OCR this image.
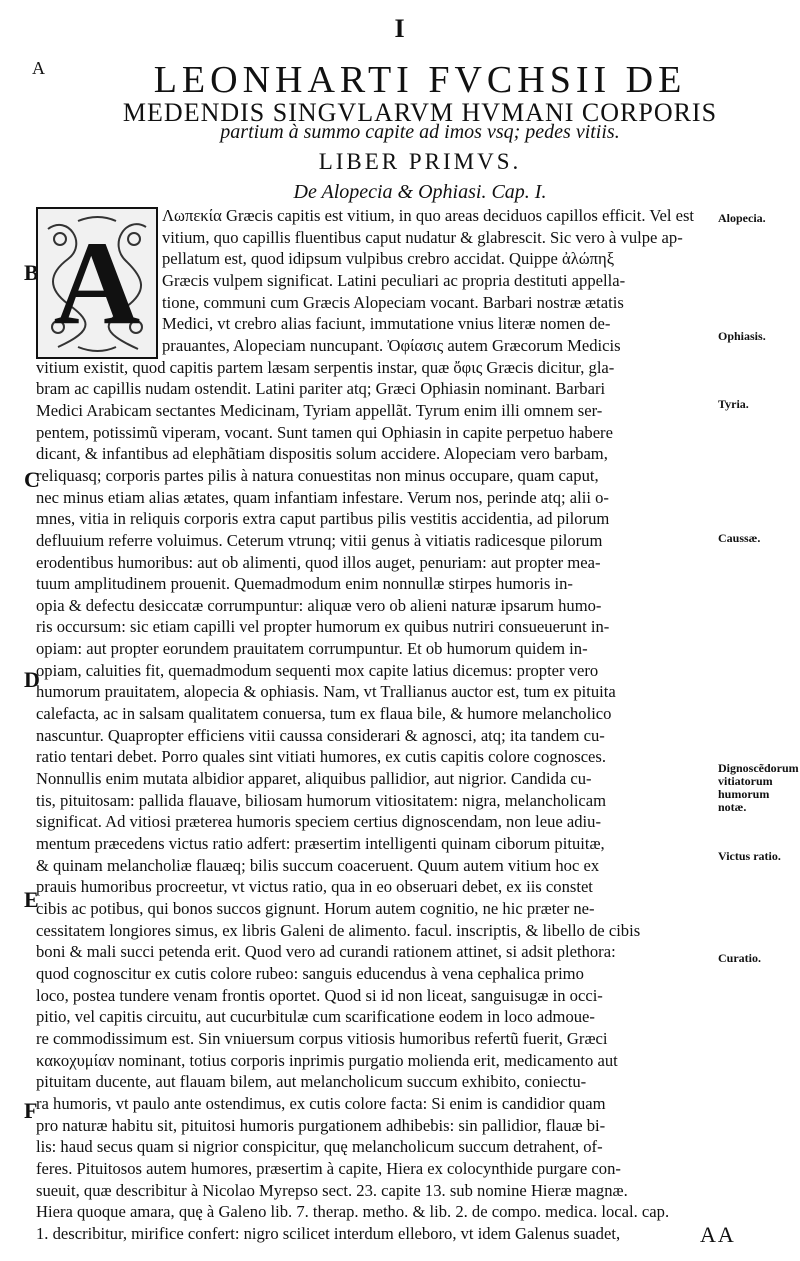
I
A	LEONHARTI FVCHSII DE
MEDENDIS SINGVLARVM HVMANI CORPORIS
partium à summo capite ad imos vsq; pedes vitiis.
LIBER PRIMVS.
De Alopecia & Ophiasi. Cap. I.
A
Λωπεκία Græcis capitis est vitium, in quo areas deciduos capillos efficit. Vel est
vitium, quo capillis fluentibus caput nudatur & glabrescit. Sic vero à vulpe ap-
pellatum est, quod idipsum vulpibus crebro accidat. Quippe ἀλώπηξ
Græcis vulpem significat. Latini peculiari ac propria destituti appella-
tione, communi cum Græcis Alopeciam vocant. Barbari nostræ ætatis
Medici, vt crebro alias faciunt, immutatione vnius literæ nomen de-
prauantes, Alopeciam nuncupant. Ὀφίασις autem Græcorum Medicis
vitium existit, quod capitis partem læsam serpentis instar, quæ ὄφις Græcis dicitur, gla-
bram ac capillis nudam ostendit. Latini pariter atq; Græci Ophiasin nominant. Barbari
Medici Arabicam sectantes Medicinam, Tyriam appellãt. Tyrum enim illi omnem ser-
pentem, potissimũ viperam, vocant. Sunt tamen qui Ophiasin in capite perpetuo habere
dicant, & infantibus ad elephãtiam dispositis solum accidere. Alopeciam vero barbam,
reliquasq; corporis partes pilis à natura conuestitas non minus occupare, quam caput,
nec minus etiam alias ætates, quam infantiam infestare. Verum nos, perinde atq; alii o-
mnes, vitia in reliquis corporis extra caput partibus pilis vestitis accidentia, ad pilorum
defluuium referre voluimus. Ceterum vtrunq; vitii genus à vitiatis radicesque pilorum
erodentibus humoribus: aut ob alimenti, quod illos auget, penuriam: aut propter mea-
tuum amplitudinem prouenit. Quemadmodum enim nonnullæ stirpes humoris in-
opia & defectu desiccatæ corrumpuntur: aliquæ vero ob alieni naturæ ipsarum humo-
ris occursum: sic etiam capilli vel propter humorum ex quibus nutriri consueuerunt in-
opiam: aut propter eorundem prauitatem corrumpuntur. Et ob humorum quidem in-
opiam, caluities fit, quemadmodum sequenti mox capite latius dicemus: propter vero
humorum prauitatem, alopecia & ophiasis. Nam, vt Trallianus auctor est, tum ex pituita
calefacta, ac in salsam qualitatem conuersa, tum ex flaua bile, & humore melancholico
nascuntur. Quapropter efficiens vitii caussa considerari & agnosci, atq; ita tandem cu-
ratio tentari debet. Porro quales sint vitiati humores, ex cutis capitis colore cognosces.
Nonnullis enim mutata albidior apparet, aliquibus pallidior, aut nigrior. Candida cu-
tis, pituitosam: pallida flauave, biliosam humorum vitiositatem: nigra, melancholicam
significat. Ad vitiosi præterea humoris speciem certius dignoscendam, non leue adiu-
mentum præcedens victus ratio adfert: præsertim intelligenti quinam ciborum pituitæ,
& quinam melancholiæ flauæq; bilis succum coaceruent. Quum autem vitium hoc ex
prauis humoribus procreetur, vt victus ratio, qua in eo obseruari debet, ex iis constet
cibis ac potibus, qui bonos succos gignunt. Horum autem cognitio, ne hic præter ne-
cessitatem longiores simus, ex libris Galeni de alimento. facul. inscriptis, & libello de cibis
boni & mali succi petenda erit. Quod vero ad curandi rationem attinet, si adsit plethora:
quod cognoscitur ex cutis colore rubeo: sanguis educendus à vena cephalica primo
loco, postea tundere venam frontis oportet. Quod si id non liceat, sanguisugæ in occi-
pitio, vel capitis circuitu, aut cucurbitulæ cum scarificatione eodem in loco admoue-
re commodissimum est. Sin vniuersum corpus vitiosis humoribus refertũ fuerit, Græci
κακοχυμίαν nominant, totius corporis inprimis purgatio molienda erit, medicamento aut
pituitam ducente, aut flauam bilem, aut melancholicum succum exhibito, coniectu-
ra humoris, vt paulo ante ostendimus, ex cutis colore facta: Si enim is candidior quam
pro naturæ habitu sit, pituitosi humoris purgationem adhibebis: sin pallidior, flauæ bi-
lis: haud secus quam si nigrior conspicitur, quę melancholicum succum detrahent, of-
feres. Pituitosos autem humores, præsertim à capite, Hiera ex colocynthide purgare con-
sueuit, quæ describitur à Nicolao Myrepso sect. 23. capite 13. sub nomine Hieræ magnæ.
Hiera quoque amara, quę à Galeno lib. 7. therap. metho. & lib. 2. de compo. medica. local. cap.
1. describitur, mirifice confert: nigro scilicet interdum elleboro, vt idem Galenus suadet,
B
C
D
E
F
Alopecia.
Ophiasis.
Tyria.
Caussæ.
Dignoscẽdorum vitiatorum humorum notæ.
Victus ratio.
Curatio.
AA
